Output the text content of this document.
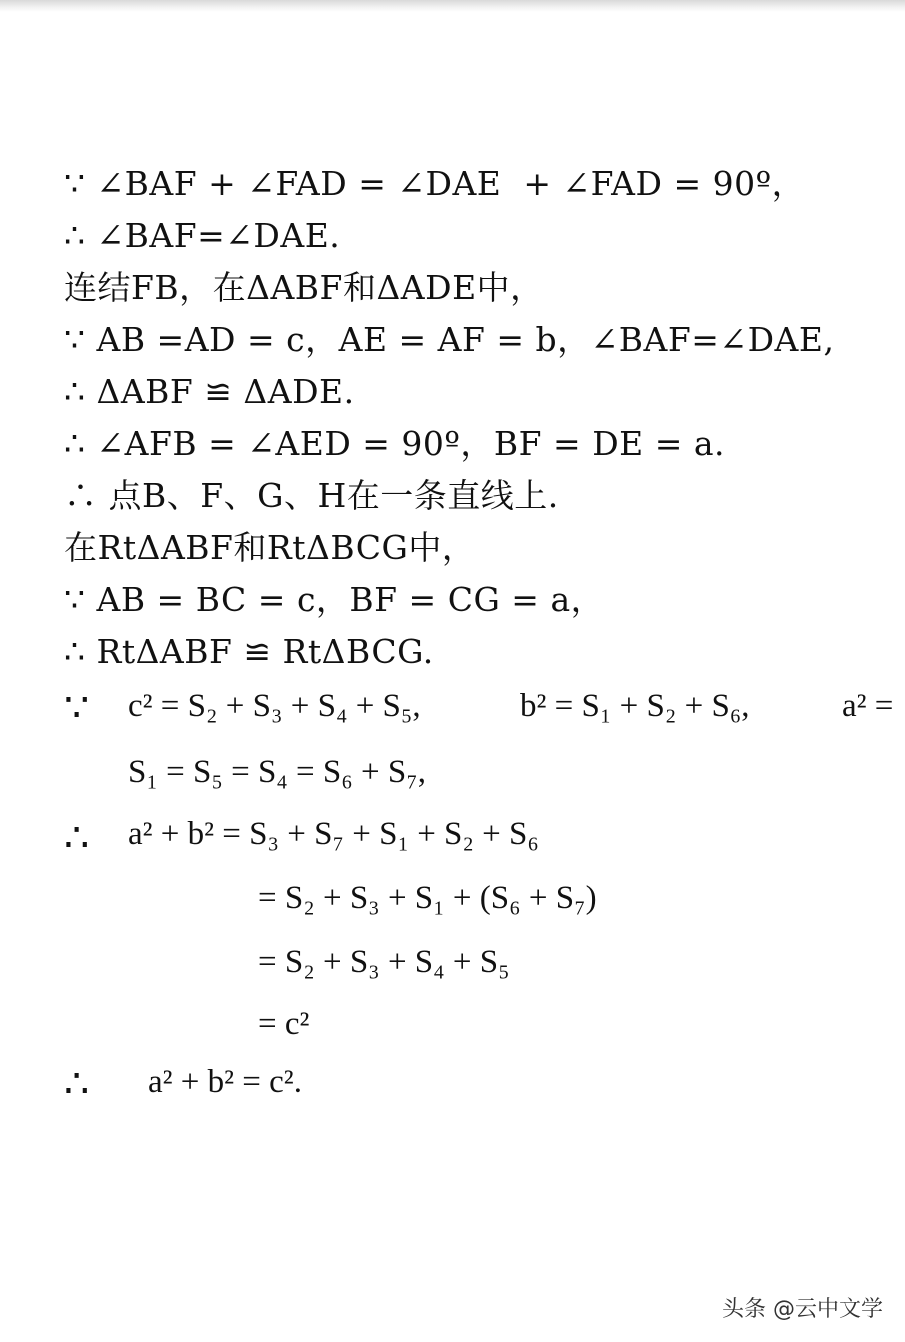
∵ ∠BAF + ∠FAD = ∠DAE  + ∠FAD = 90º，
∴ ∠BAF=∠DAE.
连结FB，在ΔABF和ΔADE中，
∵ AB =AD = c，AE = AF = b，∠BAF=∠DAE,
∴ ΔABF ≌ ΔADE.
∴ ∠AFB = ∠AED = 90º，BF = DE = a.
∴ 点B、F、G、H在一条直线上.
在RtΔABF和RtΔBCG中，
∵ AB = BC = c，BF = CG = a，
∴ RtΔABF ≌ RtΔBCG.
∵ c² = S₂ + S₃ + S₄ + S₅,	b² = S₁ + S₂ + S₆,	a² =
S₁ = S₅ = S₄ = S₆ + S₇,
∴ a² + b² = S₃ + S₇ + S₁ + S₂ + S₆
= S₂ + S₃ + S₁ + (S₆ + S₇)
= S₂ + S₃ + S₄ + S₅
= c²
∴ a² + b² = c².
头条 @云中文学
